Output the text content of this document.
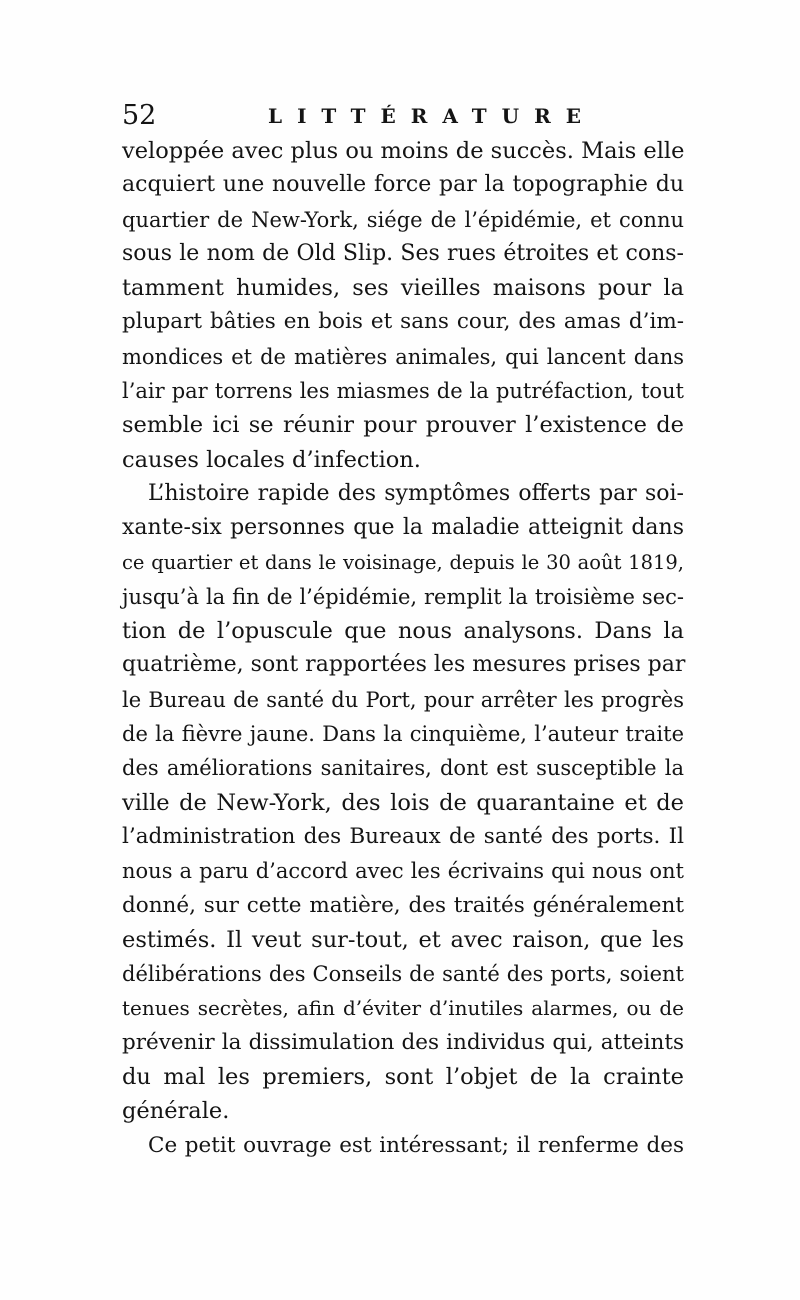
52	LITTÉRATURE
veloppée avec plus ou moins de succès. Mais elle
acquiert une nouvelle force par la topographie du
quartier de New-York, siége de l’épidémie, et connu
sous le nom de Old Slip. Ses rues étroites et cons-
tamment humides, ses vieilles maisons pour la
plupart bâties en bois et sans cour, des amas d’im-
mondices et de matières animales, qui lancent dans
l’air par torrens les miasmes de la putréfaction, tout
semble ici se réunir pour prouver l’existence de
causes locales d’infection.
L’histoire rapide des symptômes offerts par soi-
xante-six personnes que la maladie atteignit dans
ce quartier et dans le voisinage, depuis le 30 août 1819,
jusqu’à la fin de l’épidémie, remplit la troisième sec-
tion de l’opuscule que nous analysons. Dans la
quatrième, sont rapportées les mesures prises par
le Bureau de santé du Port, pour arrêter les progrès
de la fièvre jaune. Dans la cinquième, l’auteur traite
des améliorations sanitaires, dont est susceptible la
ville de New-York, des lois de quarantaine et de
l’administration des Bureaux de santé des ports. Il
nous a paru d’accord avec les écrivains qui nous ont
donné, sur cette matière, des traités généralement
estimés. Il veut sur-tout, et avec raison, que les
délibérations des Conseils de santé des ports, soient
tenues secrètes, afin d’éviter d’inutiles alarmes, ou de
prévenir la dissimulation des individus qui, atteints
du mal les premiers, sont l’objet de la crainte
générale.
Ce petit ouvrage est intéressant; il renferme des
